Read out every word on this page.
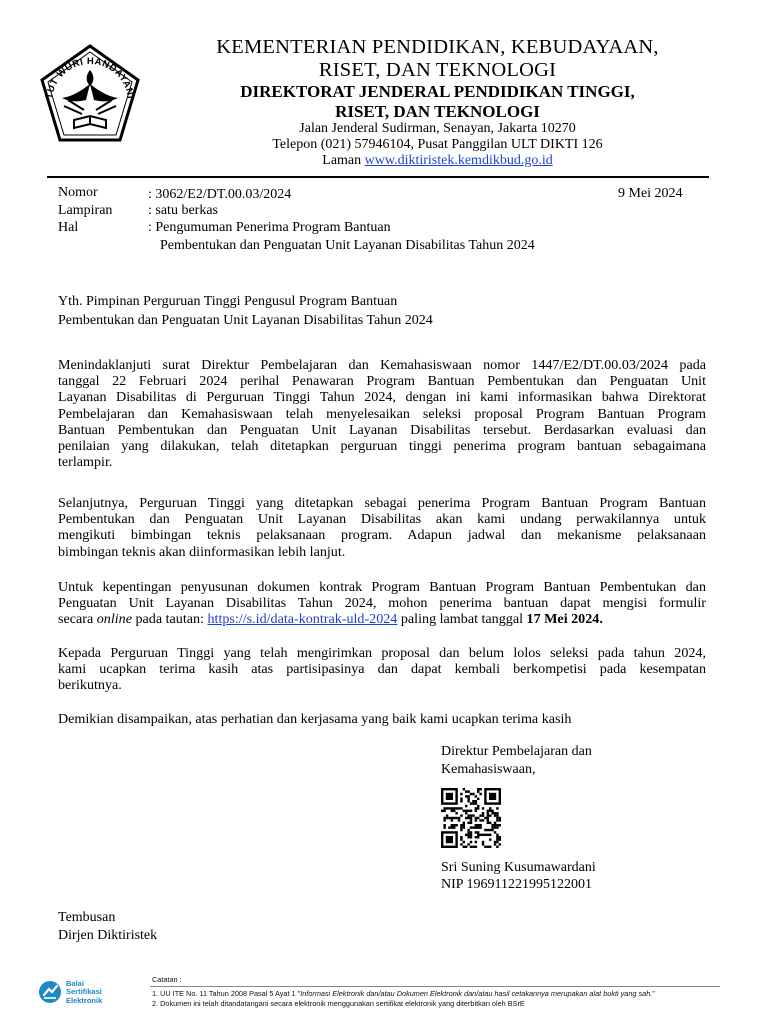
TUT WURI HANDAYANI
KEMENTERIAN PENDIDIKAN, KEBUDAYAAN,
RISET, DAN TEKNOLOGI
DIREKTORAT JENDERAL PENDIDIKAN TINGGI,
RISET, DAN TEKNOLOGI
Jalan Jenderal Sudirman, Senayan, Jakarta 10270
Telepon (021) 57946104, Pusat Panggilan ULT DIKTI 126
Laman www.diktiristek.kemdikbud.go.id
Nomor	: 3062/E2/DT.00.03/2024	9 Mei 2024
Lampiran	: satu berkas
Hal	: Pengumuman Penerima Program Bantuan
Pembentukan dan Penguatan Unit Layanan Disabilitas Tahun 2024
Yth. Pimpinan Perguruan Tinggi Pengusul Program Bantuan
Pembentukan dan Penguatan Unit Layanan Disabilitas Tahun 2024
Menindaklanjuti surat Direktur Pembelajaran dan Kemahasiswaan nomor 1447/E2/DT.00.03/2024 pada
tanggal 22 Februari 2024 perihal Penawaran Program Bantuan Pembentukan dan Penguatan Unit
Layanan Disabilitas di Perguruan Tinggi Tahun 2024, dengan ini kami informasikan bahwa Direktorat
Pembelajaran dan Kemahasiswaan telah menyelesaikan seleksi proposal Program Bantuan Program
Bantuan Pembentukan dan Penguatan Unit Layanan Disabilitas tersebut. Berdasarkan evaluasi dan
penilaian yang dilakukan, telah ditetapkan perguruan tinggi penerima program bantuan sebagaimana
terlampir.
Selanjutnya, Perguruan Tinggi yang ditetapkan sebagai penerima Program Bantuan Program Bantuan
Pembentukan dan Penguatan Unit Layanan Disabilitas akan kami undang perwakilannya untuk
mengikuti bimbingan teknis pelaksanaan program. Adapun jadwal dan mekanisme pelaksanaan
bimbingan teknis akan diinformasikan lebih lanjut.
Untuk kepentingan penyusunan dokumen kontrak Program Bantuan Program Bantuan Pembentukan dan
Penguatan Unit Layanan Disabilitas Tahun 2024, mohon penerima bantuan dapat mengisi formulir
secara online pada tautan: https://s.id/data-kontrak-uld-2024 paling lambat tanggal 17 Mei 2024.
Kepada Perguruan Tinggi yang telah mengirimkan proposal dan belum lolos seleksi pada tahun 2024,
kami ucapkan terima kasih atas partisipasinya dan dapat kembali berkompetisi pada kesempatan
berikutnya.
Demikian disampaikan, atas perhatian dan kerjasama yang baik kami ucapkan terima kasih
Direktur Pembelajaran dan
Kemahasiswaan,
Sri Suning Kusumawardani
NIP 196911221995122001
Tembusan
Dirjen Diktiristek
Balai
Sertifikasi
Elektronik
Catatan :
1. UU ITE No. 11 Tahun 2008 Pasal 5 Ayat 1 "Informasi Elektronik dan/atau Dokumen Elektronik dan/atau hasil cetakannya merupakan alat bukti yang sah."
2. Dokumen ini telah ditandatangani secara elektronik menggunakan sertifikat elektronik yang diterbitkan oleh BSrE
